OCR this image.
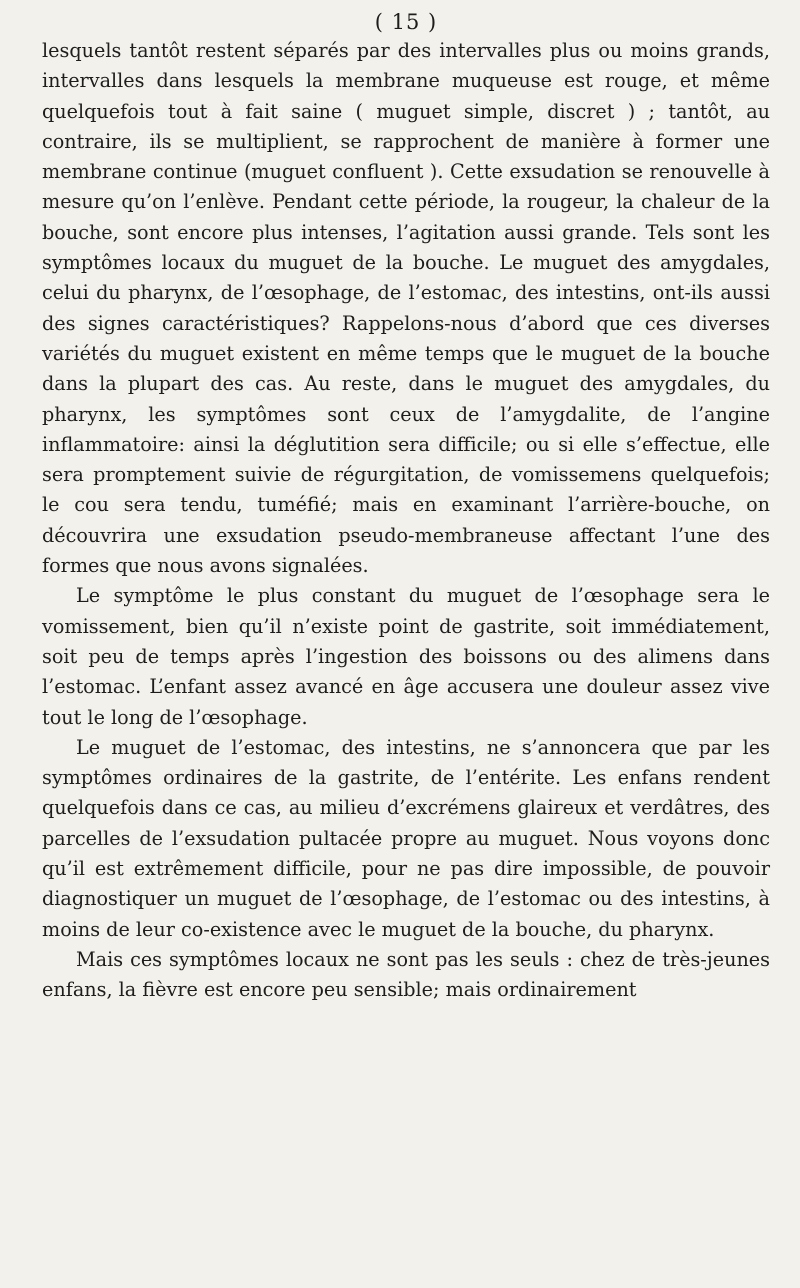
( 15 )

lesquels tantôt restent séparés par des intervalles plus ou moins grands, intervalles dans lesquels la membrane muqueuse est rouge, et même quelquefois tout à fait saine ( muguet simple, discret ) ; tantôt, au contraire, ils se multiplient, se rapprochent de manière à former une membrane continue (muguet confluent ). Cette exsudation se renouvelle à mesure qu’on l’enlève. Pendant cette période, la rougeur, la chaleur de la bouche, sont encore plus intenses, l’agitation aussi grande. Tels sont les symptômes locaux du muguet de la bouche. Le muguet des amygdales, celui du pharynx, de l’œsophage, de l’estomac, des intestins, ont-ils aussi des signes caractéristiques? Rappelons-nous d’abord que ces diverses variétés du muguet existent en même temps que le muguet de la bouche dans la plupart des cas. Au reste, dans le muguet des amygdales, du pharynx, les symptômes sont ceux de l’amygdalite, de l’angine inflammatoire: ainsi la déglutition sera difficile; ou si elle s’effectue, elle sera promptement suivie de régurgitation, de vomissemens quelquefois; le cou sera tendu, tuméfié; mais en examinant l’arrière-bouche, on découvrira une exsudation pseudo-membraneuse affectant l’une des formes que nous avons signalées.

Le symptôme le plus constant du muguet de l’œsophage sera le vomissement, bien qu’il n’existe point de gastrite, soit immédiatement, soit peu de temps après l’ingestion des boissons ou des alimens dans l’estomac. L’enfant assez avancé en âge accusera une douleur assez vive tout le long de l’œsophage.

Le muguet de l’estomac, des intestins, ne s’annoncera que par les symptômes ordinaires de la gastrite, de l’entérite. Les enfans rendent quelquefois dans ce cas, au milieu d’excrémens glaireux et verdâtres, des parcelles de l’exsudation pultacée propre au muguet. Nous voyons donc qu’il est extrêmement difficile, pour ne pas dire impossible, de pouvoir diagnostiquer un muguet de l’œsophage, de l’estomac ou des intestins, à moins de leur co-existence avec le muguet de la bouche, du pharynx.

Mais ces symptômes locaux ne sont pas les seuls : chez de très-jeunes enfans, la fièvre est encore peu sensible; mais ordinairement
